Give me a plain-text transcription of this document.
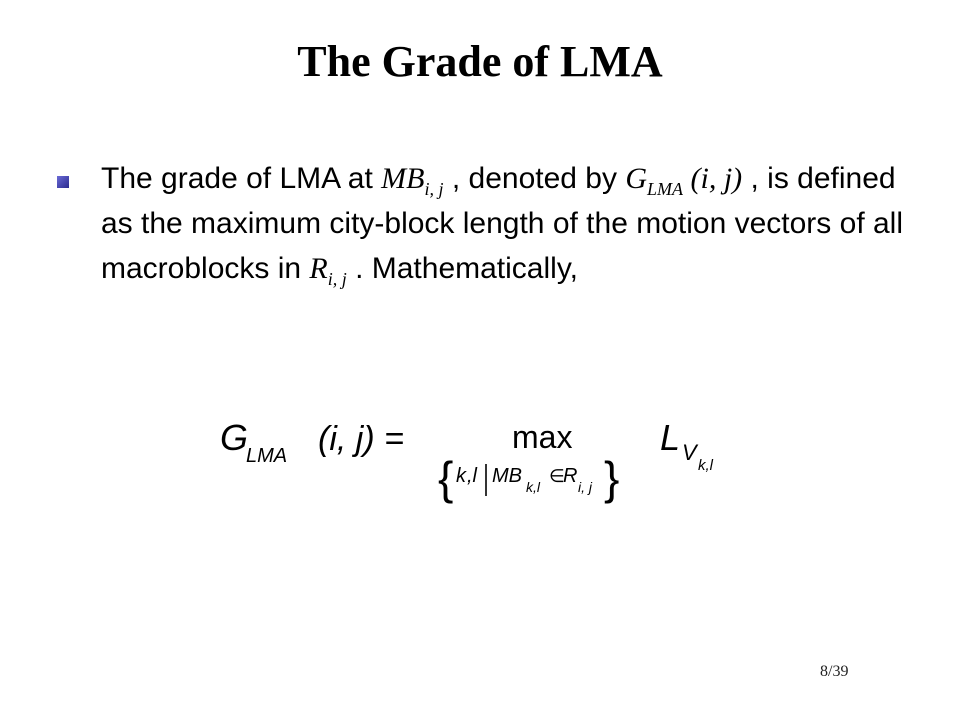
The Grade of LMA
The grade of LMA at $MB_{i, j}$ , denoted by $G_{LMA}$ (i, j) , is defined as the maximum city-block length of the motion vectors of all macroblocks in $R_{i, j}$ . Mathematically,
G
LMA (i, j) =	max
{ k ,l MB k,l
∈
R i, j }
L V
k,l
8/39
